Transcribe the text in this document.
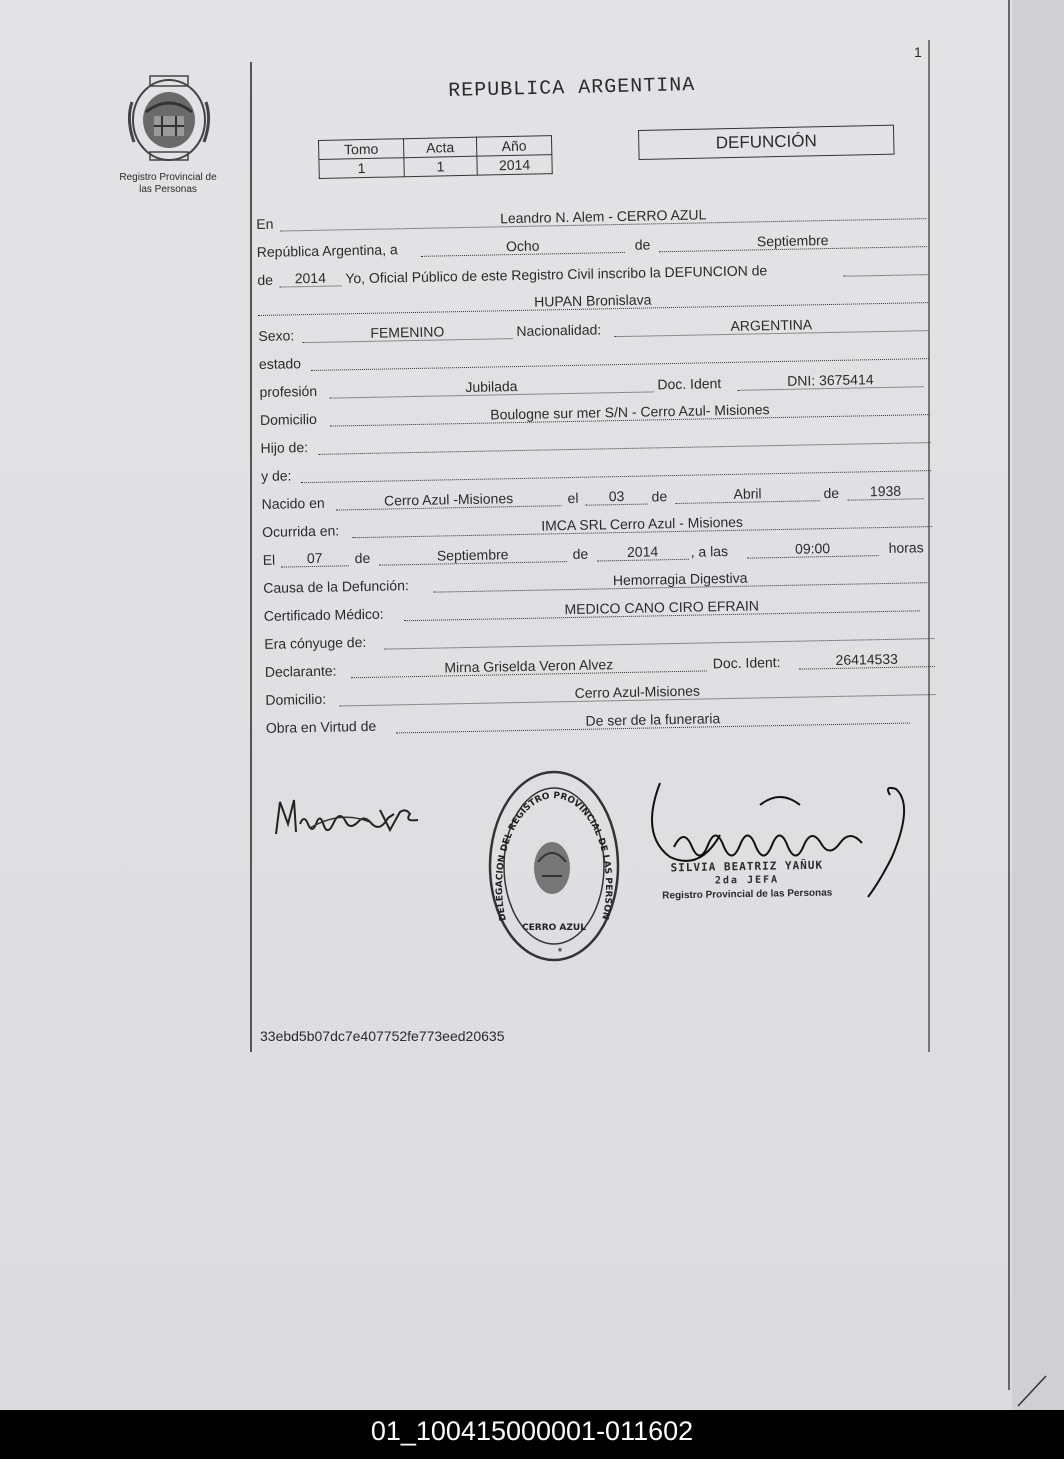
1
Registro Provincial de
las Personas
REPUBLICA ARGENTINA
Tomo	Acta	Año
1	1	2014
DEFUNCIÓN
En	Leandro N. Alem - CERRO AZUL
República Argentina, a	Ocho	de	Septiembre
de	2014	Yo, Oficial Público de este Registro Civil inscribo la DEFUNCION de
HUPAN Bronislava
Sexo:	FEMENINO	Nacionalidad:	ARGENTINA
estado
profesión	Jubilada	Doc. Ident	DNI: 3675414
Domicilio	Boulogne sur mer S/N - Cerro Azul- Misiones
Hijo de:
y de:
Nacido en	Cerro Azul -Misiones	el	03	de	Abril	de	1938
Ocurrida en:	IMCA SRL Cerro Azul - Misiones
El	07	de	Septiembre	de	2014	, a las	09:00	horas
Causa de la Defunción:	Hemorragia Digestiva
Certificado Médico:	MEDICO CANO CIRO EFRAIN
Era cónyuge de:
Declarante:	Mirna Griselda Veron Alvez	Doc. Ident:	26414533
Domicilio:	Cerro Azul-Misiones
Obra en Virtud de	De ser de la funeraria
DELEGACION DEL REGISTRO PROVINCIAL DE LAS PERSON
CERRO AZUL
*
SILVIA BEATRIZ YAÑUK
2da JEFA
Registro Provincial de las Personas
33ebd5b07dc7e407752fe773eed20635
01_100415000001-011602
